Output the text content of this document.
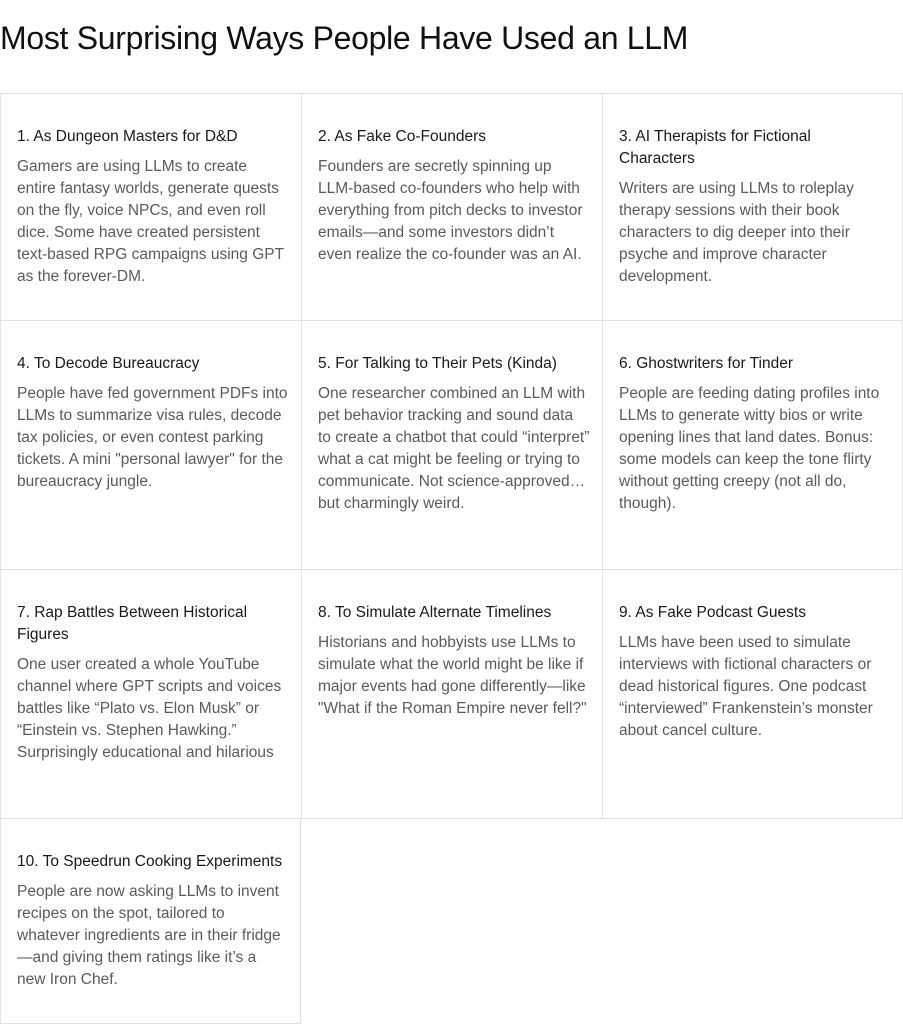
Most Surprising Ways People Have Used an LLM
1. As Dungeon Masters for D&D

Gamers are using LLMs to create entire fantasy worlds, generate quests on the fly, voice NPCs, and even roll dice. Some have created persistent text-based RPG campaigns using GPT as the forever-DM.

2. As Fake Co-Founders

Founders are secretly spinning up LLM-based co-founders who help with everything from pitch decks to investor emails—and some investors didn’t even realize the co-founder was an AI.

3. AI Therapists for Fictional Characters

Writers are using LLMs to roleplay therapy sessions with their book characters to dig deeper into their psyche and improve character development.

4. To Decode Bureaucracy

People have fed government PDFs into LLMs to summarize visa rules, decode tax policies, or even contest parking tickets. A mini "personal lawyer" for the bureaucracy jungle.

5. For Talking to Their Pets (Kinda)

One researcher combined an LLM with pet behavior tracking and sound data to create a chatbot that could “interpret” what a cat might be feeling or trying to communicate. Not science-approved… but charmingly weird.

6. Ghostwriters for Tinder

People are feeding dating profiles into LLMs to generate witty bios or write opening lines that land dates. Bonus: some models can keep the tone flirty without getting creepy (not all do, though).

7. Rap Battles Between Historical Figures

One user created a whole YouTube channel where GPT scripts and voices battles like “Plato vs. Elon Musk” or “Einstein vs. Stephen Hawking.” Surprisingly educational and hilarious

8. To Simulate Alternate Timelines

Historians and hobbyists use LLMs to simulate what the world might be like if major events had gone differently—like "What if the Roman Empire never fell?"

9. As Fake Podcast Guests

LLMs have been used to simulate interviews with fictional characters or dead historical figures. One podcast “interviewed” Frankenstein’s monster about cancel culture.

10. To Speedrun Cooking Experiments

People are now asking LLMs to invent recipes on the spot, tailored to whatever ingredients are in their fridge—and giving them ratings like it’s a new Iron Chef.
